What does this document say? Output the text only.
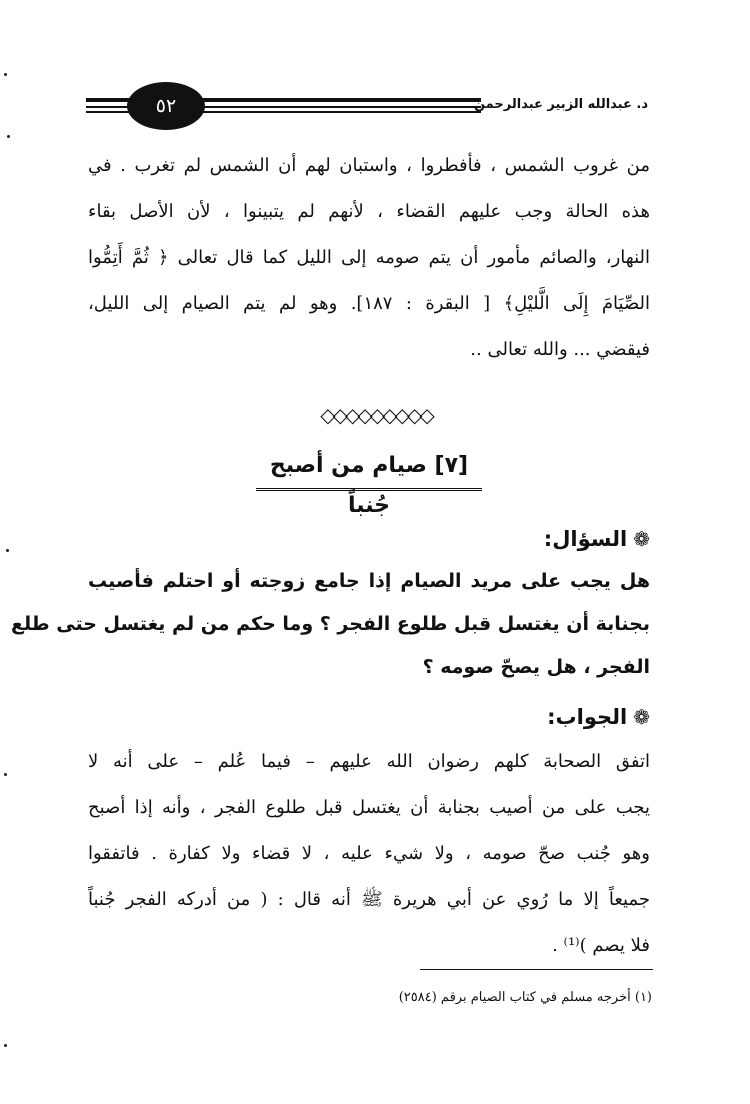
٥٢	د. عبدالله الزبير عبدالرحمن
من غروب الشمس ، فأفطروا ، واستبان لهم أن الشمس لم تغرب . في
هذه الحالة وجب عليهم القضاء ، لأنهم لم يتبينوا ، لأن الأصل بقاء
النهار، والصائم مأمور أن يتم صومه إلى الليل كما قال تعالى ﴿ ثُمَّ أَتِمُّوا
الصِّيَامَ إِلَى الَّليْلِ﴾ [ البقرة : ١٨٧]. وهو لم يتم الصيام إلى الليل،
فيقضي ... والله تعالى ..
◇◇◇◇◇◇◇◇◇
[٧] صيام من أصبح جُنباً
❁السؤال:
هل يجب على مريد الصيام إذا جامع زوجته أو احتلم فأصيب
بجنابة أن يغتسل قبل طلوع الفجر ؟ وما حكم من لم يغتسل حتى طلع
الفجر ، هل يصحّ صومه ؟
❁الجواب:
اتفق الصحابة كلهم رضوان الله عليهم – فيما عُلم – على أنه لا
يجب على من أصيب بجنابة أن يغتسل قبل طلوع الفجر ، وأنه إذا أصبح
وهو جُنب صحّ صومه ، ولا شيء عليه ، لا قضاء ولا كفارة . فاتفقوا
جميعاً إلا ما رُوي عن أبي هريرة ﷺ أنه قال : ( من أدركه الفجر جُنباً
فلا يصم )⁽¹⁾ .
(١) أخرجه مسلم في كتاب الصيام برقم (٢٥٨٤)
